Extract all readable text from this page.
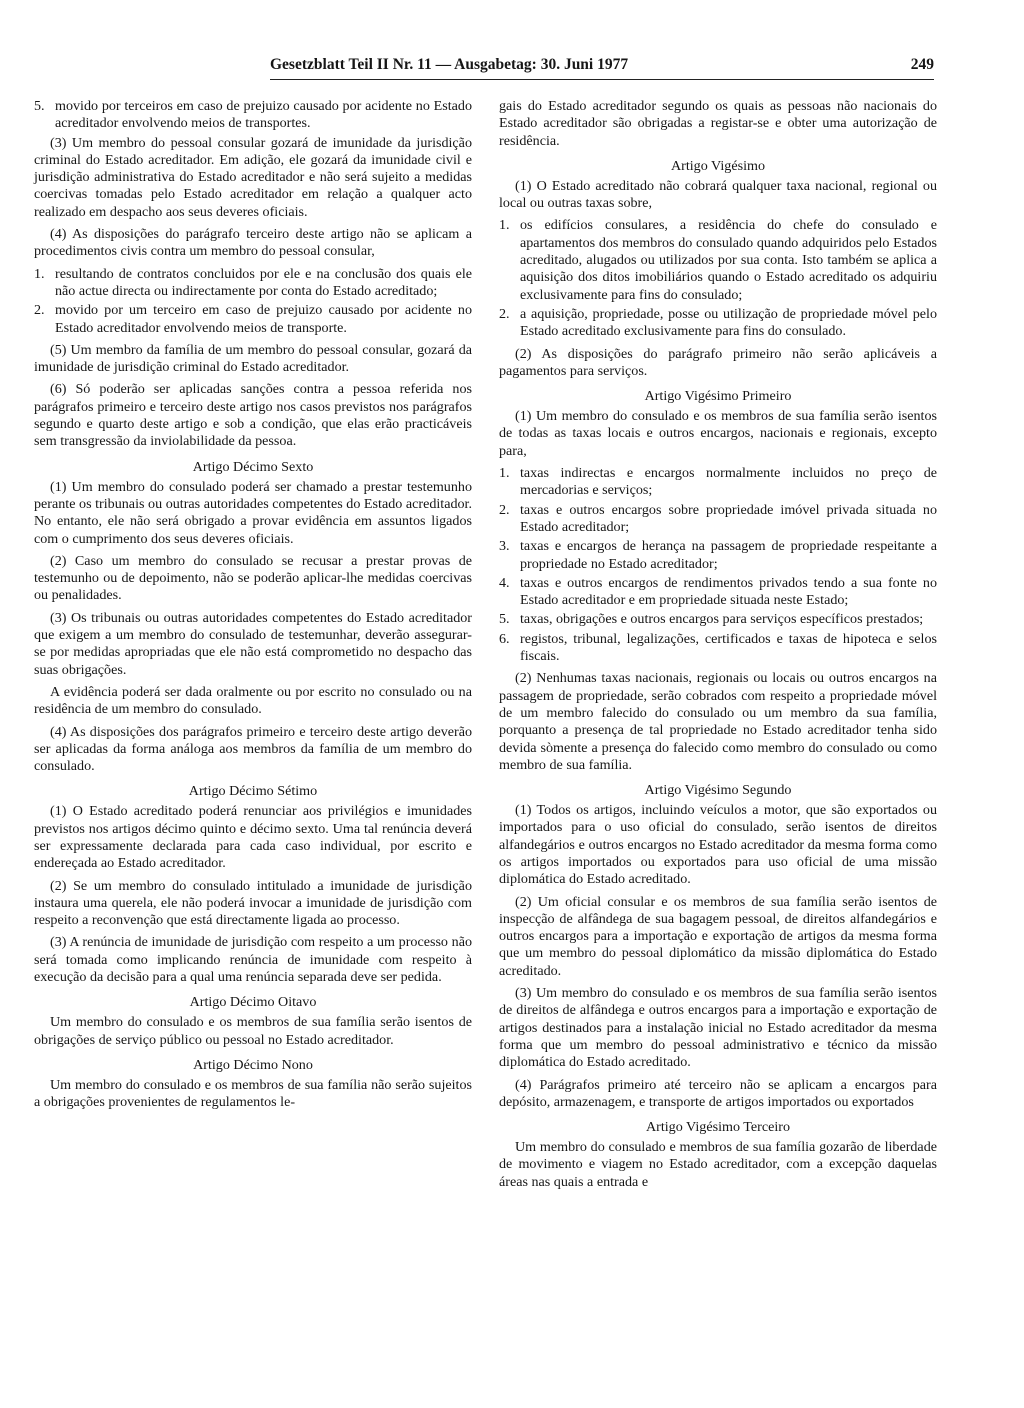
Gesetzblatt Teil II Nr. 11 — Ausgabetag: 30. Juni 1977	249
5. movido por terceiros em caso de prejuizo causado por acidente no Estado acreditador envolvendo meios de transportes.

(3) Um membro do pessoal consular gozará de imunidade da jurisdição criminal do Estado acreditador. Em adição, ele gozará da imunidade civil e jurisdição administrativa do Estado acreditador e não será sujeito a medidas coercivas tomadas pelo Estado acreditador em relação a qualquer acto realizado em despacho aos seus deveres oficiais.

(4) As disposições do parágrafo terceiro deste artigo não se aplicam a procedimentos civis contra um membro do pessoal consular,

1. resultando de contratos concluidos por ele e na conclusão dos quais ele não actue directa ou indirectamente por conta do Estado acreditado;
2. movido por um terceiro em caso de prejuizo causado por acidente no Estado acreditador envolvendo meios de transporte.

(5) Um membro da família de um membro do pessoal consular, gozará da imunidade de jurisdição criminal do Estado acreditador.

(6) Só poderão ser aplicadas sanções contra a pessoa referida nos parágrafos primeiro e terceiro deste artigo nos casos previstos nos parágrafos segundo e quarto deste artigo e sob a condição, que elas erão practicáveis sem transgressão da inviolabilidade da pessoa.

Artigo Décimo Sexto

(1) Um membro do consulado poderá ser chamado a prestar testemunho perante os tribunais ou outras autoridades competentes do Estado acreditador. No entanto, ele não será obrigado a provar evidência em assuntos ligados com o cumprimento dos seus deveres oficiais.

(2) Caso um membro do consulado se recusar a prestar provas de testemunho ou de depoimento, não se poderão aplicar-lhe medidas coercivas ou penalidades.

(3) Os tribunais ou outras autoridades competentes do Estado acreditador que exigem a um membro do consulado de testemunhar, deverão assegurar-se por medidas apropriadas que ele não está comprometido no despacho das suas obrigações.

A evidência poderá ser dada oralmente ou por escrito no consulado ou na residência de um membro do consulado.

(4) As disposições dos parágrafos primeiro e terceiro deste artigo deverão ser aplicadas da forma análoga aos membros da família de um membro do consulado.

Artigo Décimo Sétimo

(1) O Estado acreditado poderá renunciar aos privilégios e imunidades previstos nos artigos décimo quinto e décimo sexto. Uma tal renúncia deverá ser expressamente declarada para cada caso individual, por escrito e endereçada ao Estado acreditador.

(2) Se um membro do consulado intitulado a imunidade de jurisdição instaura uma querela, ele não poderá invocar a imunidade de jurisdição com respeito a reconvenção que está directamente ligada ao processo.

(3) A renúncia de imunidade de jurisdição com respeito a um processo não será tomada como implicando renúncia de imunidade com respeito à execução da decisão para a qual uma renúncia separada deve ser pedida.

Artigo Décimo Oitavo

Um membro do consulado e os membros de sua família serão isentos de obrigações de serviço público ou pessoal no Estado acreditador.

Artigo Décimo Nono

Um membro do consulado e os membros de sua família não serão sujeitos a obrigações provenientes de regulamentos le-

gais do Estado acreditador segundo os quais as pessoas não nacionais do Estado acreditador são obrigadas a registar-se e obter uma autorização de residência.

Artigo Vigésimo

(1) O Estado acreditado não cobrará qualquer taxa nacional, regional ou local ou outras taxas sobre,

1. os edifícios consulares, a residência do chefe do consulado e apartamentos dos membros do consulado quando adquiridos pelo Estados acreditado, alugados ou utilizados por sua conta. Isto também se aplica a aquisição dos ditos imobiliários quando o Estado acreditado os adquiriu exclusivamente para fins do consulado;
2. a aquisição, propriedade, posse ou utilização de propriedade móvel pelo Estado acreditado exclusivamente para fins do consulado.

(2) As disposições do parágrafo primeiro não serão aplicáveis a pagamentos para serviços.

Artigo Vigésimo Primeiro

(1) Um membro do consulado e os membros de sua família serão isentos de todas as taxas locais e outros encargos, nacionais e regionais, excepto para,

1. taxas indirectas e encargos normalmente incluidos no preço de mercadorias e serviços;
2. taxas e outros encargos sobre propriedade imóvel privada situada no Estado acreditador;
3. taxas e encargos de herança na passagem de propriedade respeitante a propriedade no Estado acreditador;
4. taxas e outros encargos de rendimentos privados tendo a sua fonte no Estado acreditador e em propriedade situada neste Estado;
5. taxas, obrigações e outros encargos para serviços específicos prestados;
6. registos, tribunal, legalizações, certificados e taxas de hipoteca e selos fiscais.

(2) Nenhumas taxas nacionais, regionais ou locais ou outros encargos na passagem de propriedade, serão cobrados com respeito a propriedade móvel de um membro falecido do consulado ou um membro da sua família, porquanto a presença de tal propriedade no Estado acreditador tenha sido devida sòmente a presença do falecido como membro do consulado ou como membro de sua família.

Artigo Vigésimo Segundo

(1) Todos os artigos, incluindo veículos a motor, que são exportados ou importados para o uso oficial do consulado, serão isentos de direitos alfandegários e outros encargos no Estado acreditador da mesma forma como os artigos importados ou exportados para uso oficial de uma missão diplomática do Estado acreditado.

(2) Um oficial consular e os membros de sua família serão isentos de inspecção de alfândega de sua bagagem pessoal, de direitos alfandegários e outros encargos para a importação e exportação de artigos da mesma forma que um membro do pessoal diplomático da missão diplomática do Estado acreditado.

(3) Um membro do consulado e os membros de sua família serão isentos de direitos de alfândega e outros encargos para a importação e exportação de artigos destinados para a instalação inicial no Estado acreditador da mesma forma que um membro do pessoal administrativo e técnico da missão diplomática do Estado acreditado.

(4) Parágrafos primeiro até terceiro não se aplicam a encargos para depósito, armazenagem, e transporte de artigos importados ou exportados

Artigo Vigésimo Terceiro

Um membro do consulado e membros de sua família gozarão de liberdade de movimento e viagem no Estado acreditador, com a excepção daquelas áreas nas quais a entrada e
